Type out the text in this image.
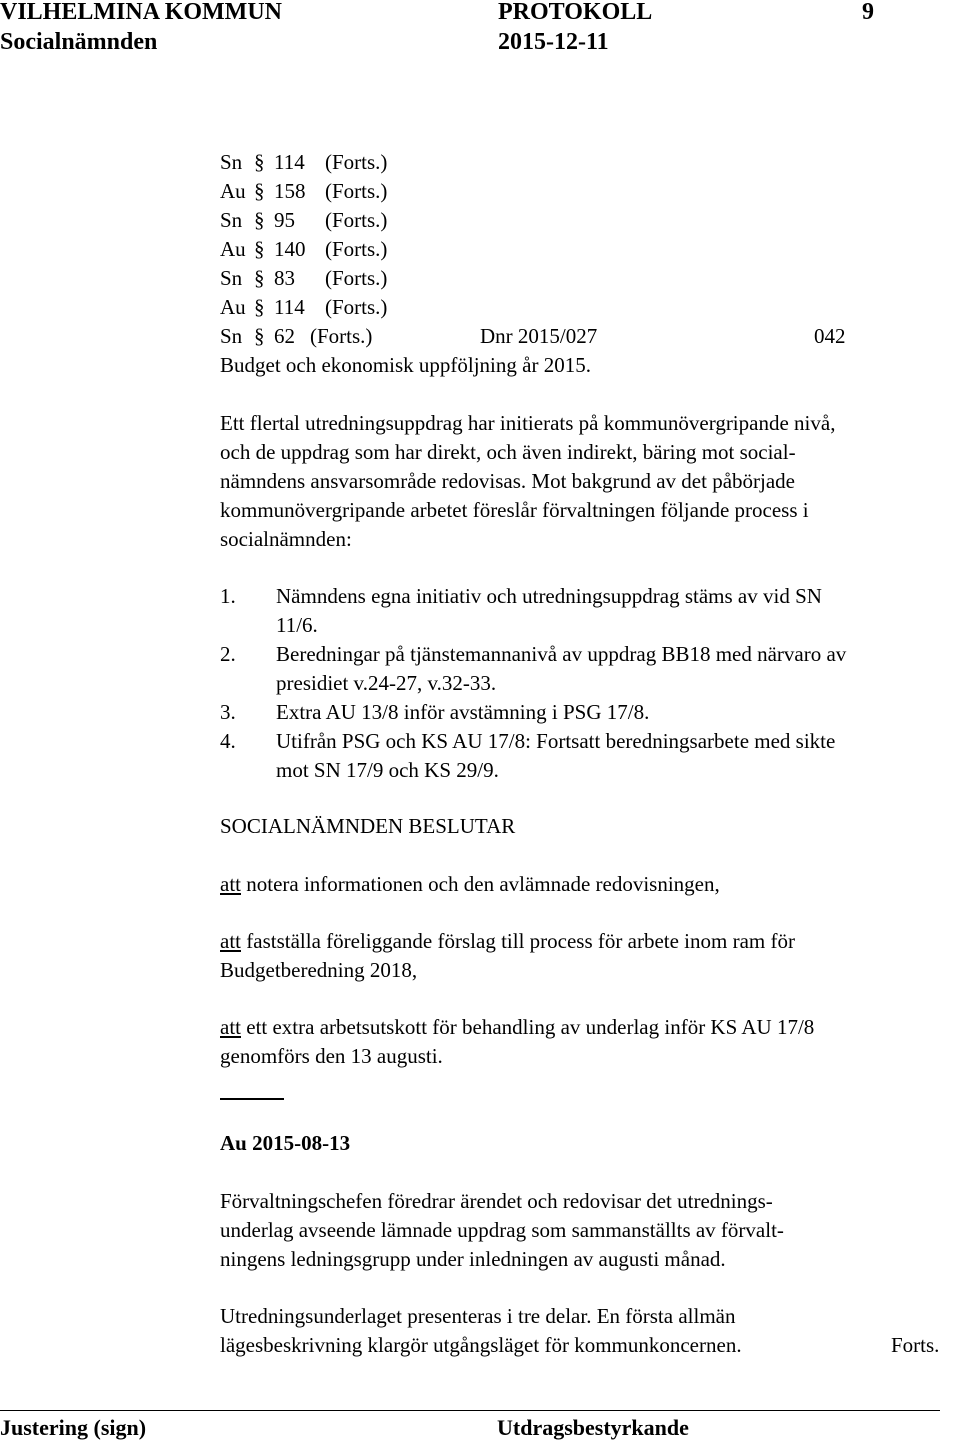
VILHELMINA KOMMUN	PROTOKOLL	9
Socialnämnden	2015-12-11
Sn § 114 (Forts.)
Au § 158 (Forts.)
Sn § 95 (Forts.)
Au § 140 (Forts.)
Sn § 83 (Forts.)
Au § 114 (Forts.)
Sn § 62 (Forts.)	Dnr 2015/027	042
Budget och ekonomisk uppföljning år 2015.
Ett flertal utredningsuppdrag har initierats på kommunövergripande nivå,
och de uppdrag som har direkt, och även indirekt, bäring mot social-
nämndens ansvarsområde redovisas. Mot bakgrund av det påbörjade
kommunövergripande arbetet föreslår förvaltningen följande process i
socialnämnden:
1. Nämndens egna initiativ och utredningsuppdrag stäms av vid SN
11/6.
2. Beredningar på tjänstemannanivå av uppdrag BB18 med närvaro av
presidiet v.24-27, v.32-33.
3. Extra AU 13/8 inför avstämning i PSG 17/8.
4. Utifrån PSG och KS AU 17/8: Fortsatt beredningsarbete med sikte
mot SN 17/9 och KS 29/9.
SOCIALNÄMNDEN BESLUTAR
att notera informationen och den avlämnade redovisningen,
att fastställa föreliggande förslag till process för arbete inom ram för
Budgetberedning 2018,
att ett extra arbetsutskott för behandling av underlag inför KS AU 17/8
genomförs den 13 augusti.
Au 2015-08-13
Förvaltningschefen föredrar ärendet och redovisar det utrednings-
underlag avseende lämnade uppdrag som sammanställts av förvalt-
ningens ledningsgrupp under inledningen av augusti månad.
Utredningsunderlaget presenteras i tre delar. En första allmän
lägesbeskrivning klargör utgångsläget för kommunkoncernen.	Forts.
Justering (sign)	Utdragsbestyrkande
